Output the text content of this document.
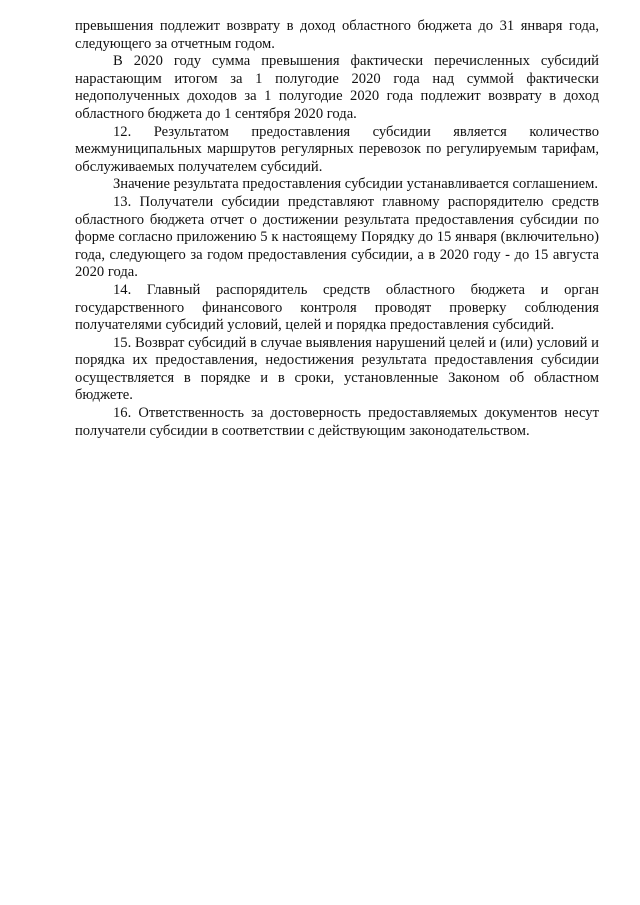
превышения подлежит возврату в доход областного бюджета до 31 января года, следующего за отчетным годом.

В 2020 году сумма превышения фактически перечисленных субсидий нарастающим итогом за 1 полугодие 2020 года над суммой фактически недополученных доходов за 1 полугодие 2020 года подлежит возврату в доход областного бюджета до 1 сентября 2020 года.

12. Результатом предоставления субсидии является количество межмуниципальных маршрутов регулярных перевозок по регулируемым тарифам, обслуживаемых получателем субсидий.

Значение результата предоставления субсидии устанавливается соглашением.

13. Получатели субсидии представляют главному распорядителю средств областного бюджета отчет о достижении результата предоставления субсидии по форме согласно приложению 5 к настоящему Порядку до 15 января (включительно) года, следующего за годом предоставления субсидии, а в 2020 году - до 15 августа 2020 года.

14. Главный распорядитель средств областного бюджета и орган государственного финансового контроля проводят проверку соблюдения получателями субсидий условий, целей и порядка предоставления субсидий.

15. Возврат субсидий в случае выявления нарушений целей и (или) условий и порядка их предоставления, недостижения результата предоставления субсидии осуществляется в порядке и в сроки, установленные Законом об областном бюджете.

16. Ответственность за достоверность предоставляемых документов несут получатели субсидии в соответствии с действующим законодательством.
